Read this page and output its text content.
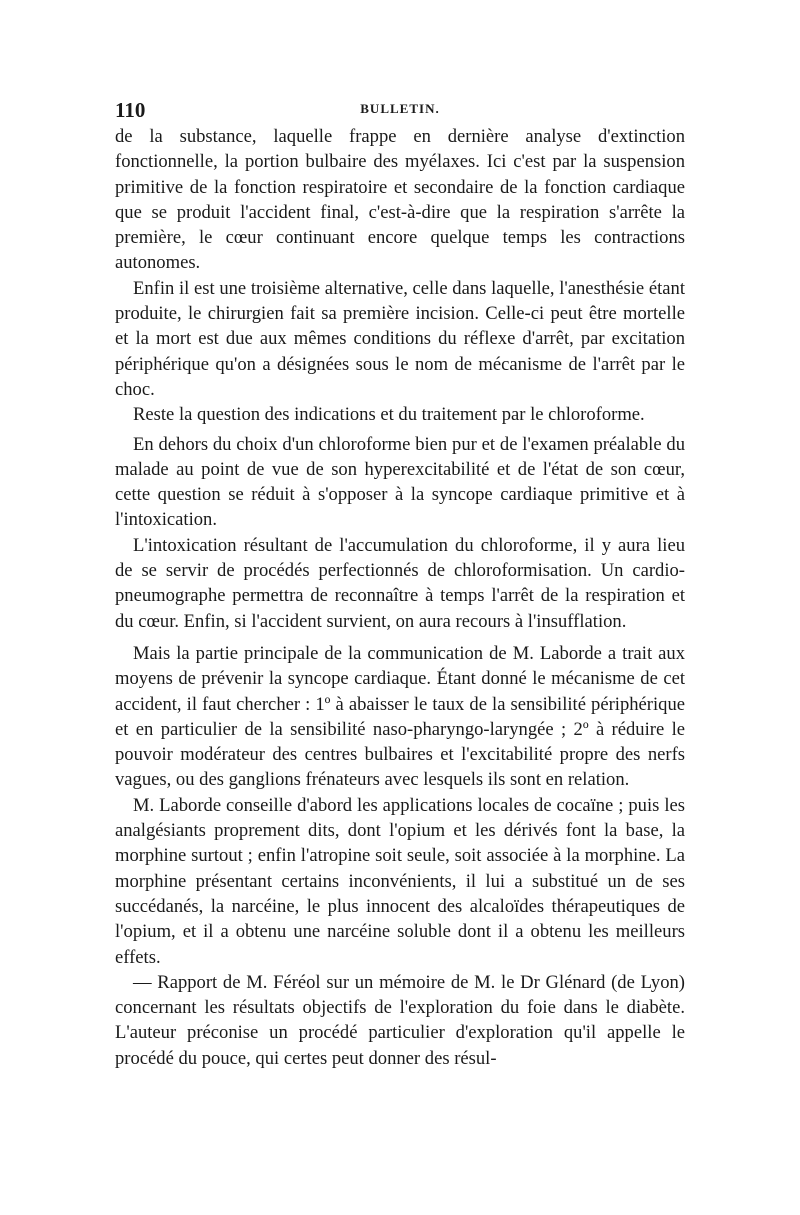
110	BULLETIN.

de la substance, laquelle frappe en dernière analyse d'extinction fonctionnelle, la portion bulbaire des myélaxes. Ici c'est par la suspension primitive de la fonction respiratoire et secondaire de la fonction cardiaque que se produit l'accident final, c'est-à-dire que la respiration s'arrête la première, le cœur continuant encore quelque temps les contractions autonomes.

Enfin il est une troisième alternative, celle dans laquelle, l'anesthésie étant produite, le chirurgien fait sa première incision. Celle-ci peut être mortelle et la mort est due aux mêmes conditions du réflexe d'arrêt, par excitation périphérique qu'on a désignées sous le nom de mécanisme de l'arrêt par le choc.

Reste la question des indications et du traitement par le chloroforme.

En dehors du choix d'un chloroforme bien pur et de l'examen préalable du malade au point de vue de son hyperexcitabilité et de l'état de son cœur, cette question se réduit à s'opposer à la syncope cardiaque primitive et à l'intoxication.

L'intoxication résultant de l'accumulation du chloroforme, il y aura lieu de se servir de procédés perfectionnés de chloroformisation. Un cardio-pneumographe permettra de reconnaître à temps l'arrêt de la respiration et du cœur. Enfin, si l'accident survient, on aura recours à l'insufflation.

Mais la partie principale de la communication de M. Laborde a trait aux moyens de prévenir la syncope cardiaque. Étant donné le mécanisme de cet accident, il faut chercher : 1º à abaisser le taux de la sensibilité périphérique et en particulier de la sensibilité naso-pharyngo-laryngée ; 2º à réduire le pouvoir modérateur des centres bulbaires et l'excitabilité propre des nerfs vagues, ou des ganglions frénateurs avec lesquels ils sont en relation.

M. Laborde conseille d'abord les applications locales de cocaïne ; puis les analgésiants proprement dits, dont l'opium et les dérivés font la base, la morphine surtout ; enfin l'atropine soit seule, soit associée à la morphine. La morphine présentant certains inconvénients, il lui a substitué un de ses succédanés, la narcéine, le plus innocent des alcaloïdes thérapeutiques de l'opium, et il a obtenu une narcéine soluble dont il a obtenu les meilleurs effets.

— Rapport de M. Féréol sur un mémoire de M. le Dr Glénard (de Lyon) concernant les résultats objectifs de l'exploration du foie dans le diabète. L'auteur préconise un procédé particulier d'exploration qu'il appelle le procédé du pouce, qui certes peut donner des résul-
